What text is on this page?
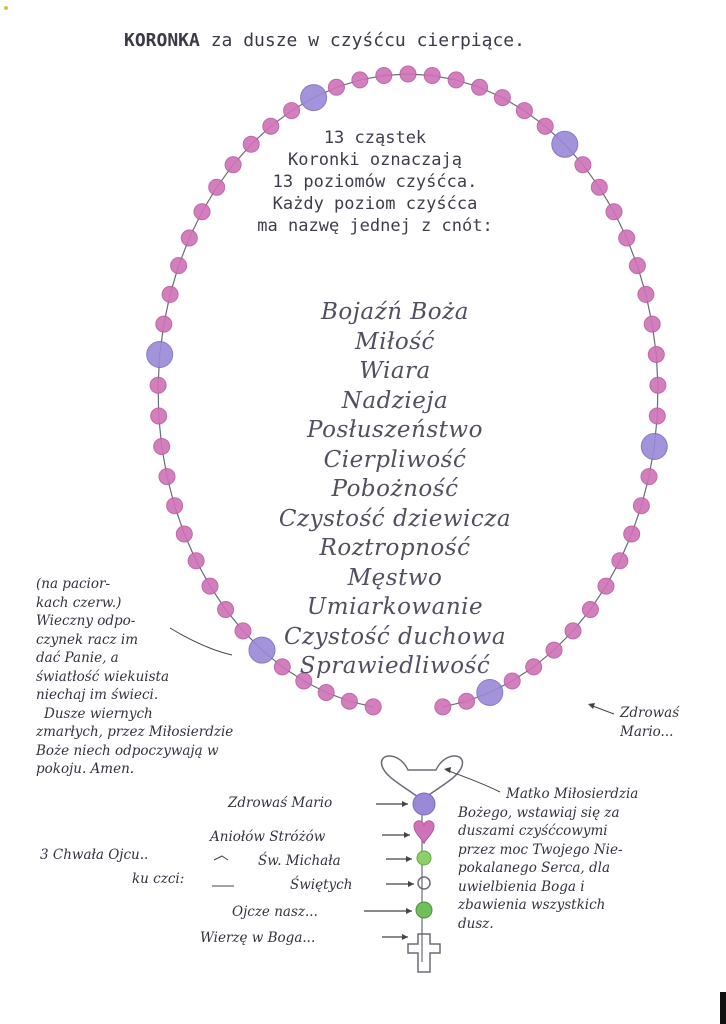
KORONKA za dusze w czyśćcu cierpiące.
13 cząstek
Koronki oznaczają
13 poziomów czyśćca.
Każdy poziom czyśćca
ma nazwę jednej z cnót:
Bojaźń Boża
Miłość
Wiara
Nadzieja
Posłuszeństwo
Cierpliwość
Pobożność
Czystość dziewicza
Roztropność
Męstwo
Umiarkowanie
Czystość duchowa
Sprawiedliwość
(na pacior-
kach czerw.)
Wieczny odpo-
czynek racz im
dać Panie, a
światłość wiekuista
niechaj im świeci.
Dusze wiernych
zmarłych, przez Miłosierdzie
Boże niech odpoczywają w
pokoju. Amen.
Zdrowaś
Mario...
Zdrowaś Mario
Aniołów Stróżów
Św. Michała
Świętych
Ojcze nasz...
Wierzę w Boga...
3 Chwała Ojcu..
ku czci:
Matko Miłosierdzia
Bożego, wstawiaj się za
duszami czyśćcowymi
przez moc Twojego Nie-
pokalanego Serca, dla
uwielbienia Boga i
zbawienia wszystkich
dusz.
